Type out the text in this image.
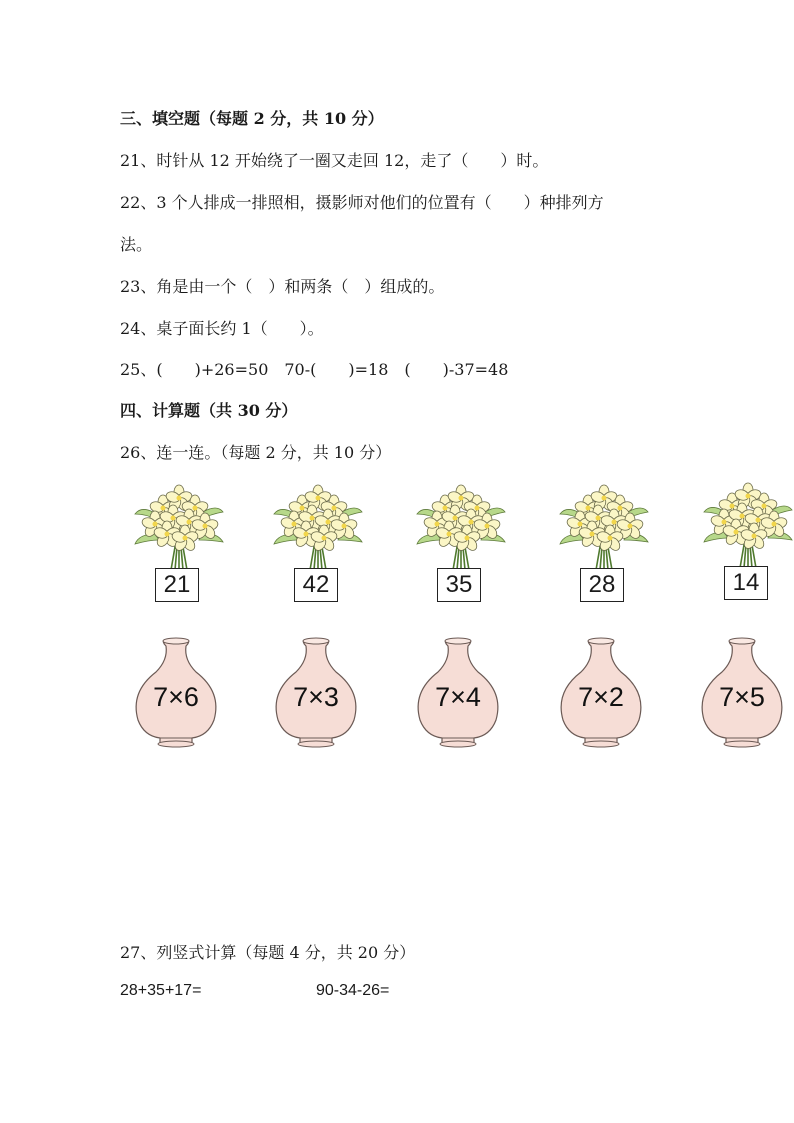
三、填空题（每题 2 分，共 10 分）
21、时针从 12 开始绕了一圈又走回 12，走了（　　）时。
22、3 个人排成一排照相，摄影师对他们的位置有（　　）种排列方
法。
23、角是由一个（　）和两条（　）组成的。
24、桌子面长约 1（　　）。
25、(　　)+26=50　70-(　　)=18　(　　)-37=48
四、计算题（共 30 分）
26、连一连。（每题 2 分，共 10 分）
21	42	35	28	14
7×6	7×3	7×4	7×2	7×5
27、列竖式计算（每题 4 分，共 20 分）
28+35+17=	90-34-26=
